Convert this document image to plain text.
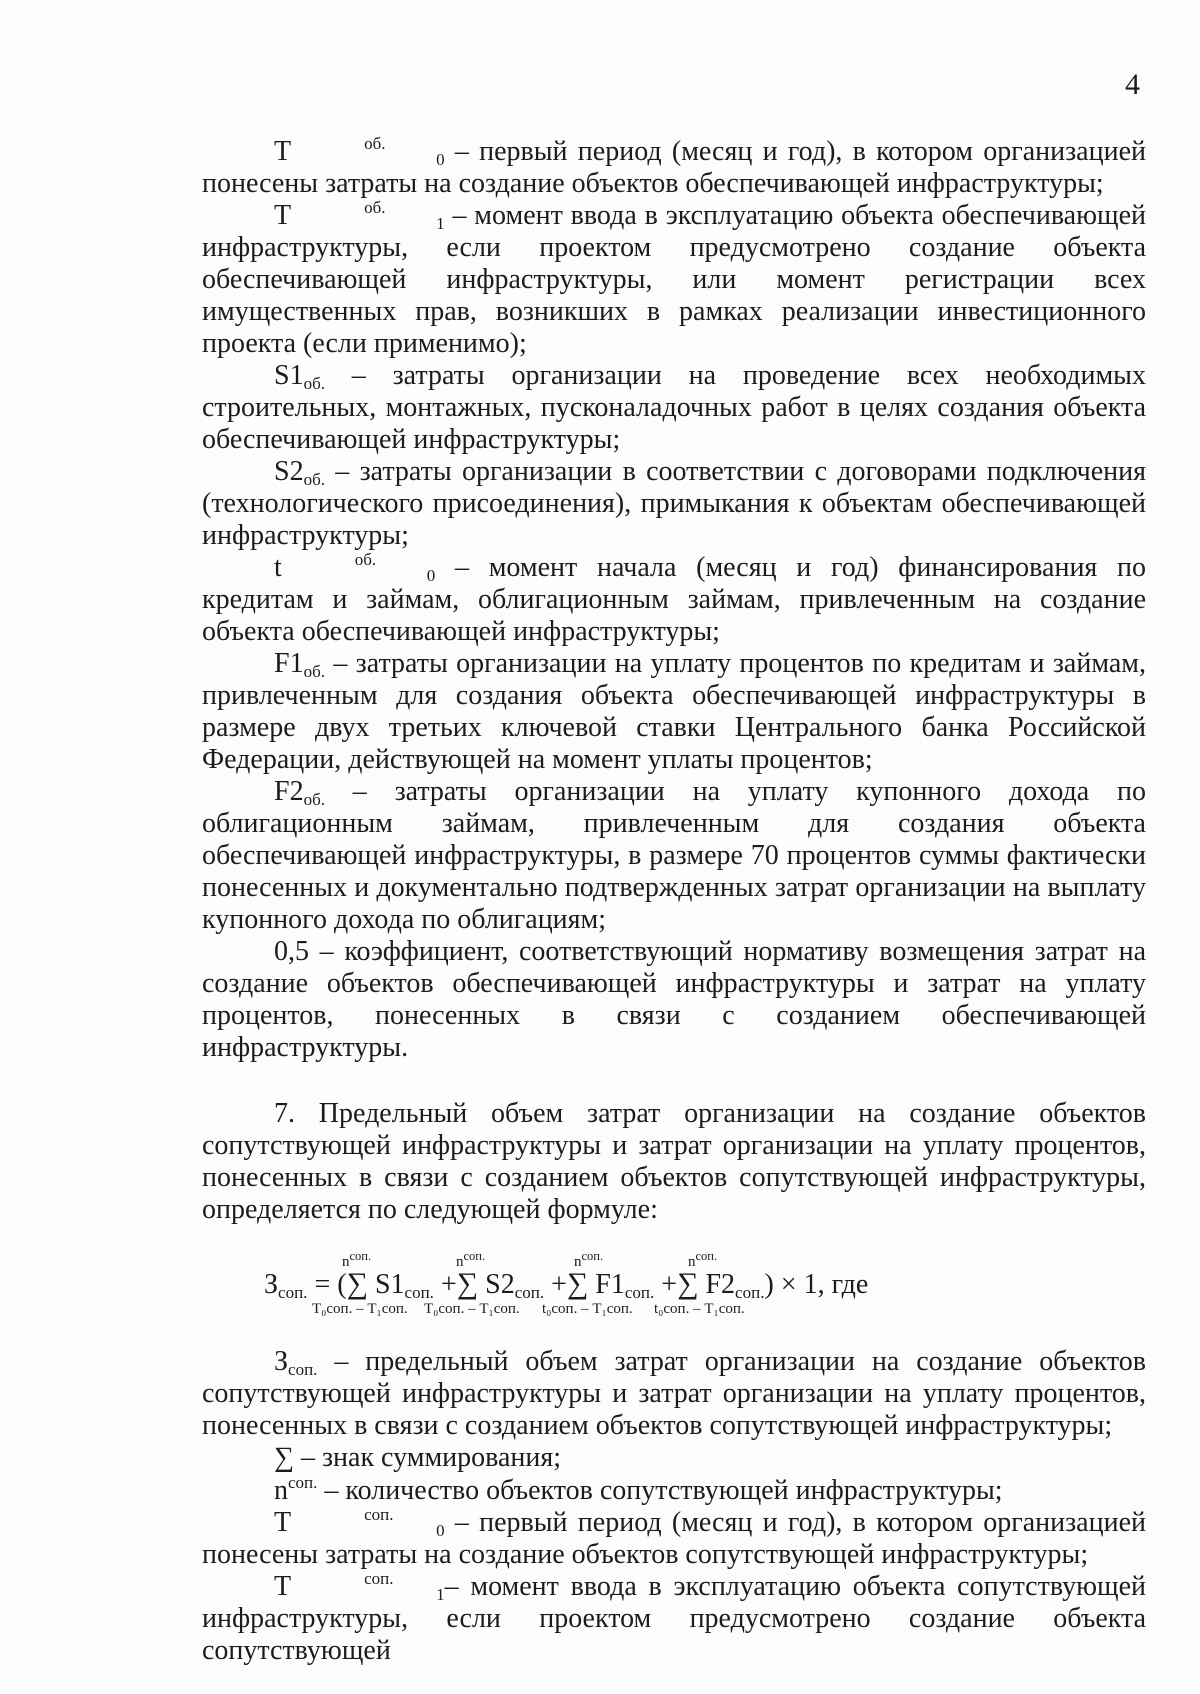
4

T	об.
0 – первый период (месяц и год), в котором организацией понесены затраты на создание объектов обеспечивающей инфраструктуры;

T	об.
1 – момент ввода в эксплуатацию объекта обеспечивающей инфраструктуры, если проектом предусмотрено создание объекта обеспечивающей инфраструктуры, или момент регистрации всех имущественных прав, возникших в рамках реализации инвестиционного проекта (если применимо);

$S1_{об.}$ – затраты организации на проведение всех необходимых строительных, монтажных, пусконаладочных работ в целях создания объекта обеспечивающей инфраструктуры;

$S2_{об.}$ – затраты организации в соответствии с договорами подключения (технологического присоединения), примыкания к объектам обеспечивающей инфраструктуры;

t	об.
0 – момент начала (месяц и год) финансирования по кредитам и займам, облигационным займам, привлеченным на создание объекта обеспечивающей инфраструктуры;

$F1_{об.}$ – затраты организации на уплату процентов по кредитам и займам, привлеченным для создания объекта обеспечивающей инфраструктуры в размере двух третьих ключевой ставки Центрального банка Российской Федерации, действующей на момент уплаты процентов;

$F2_{об.}$ – затраты организации на уплату купонного дохода по облигационным займам, привлеченным для создания объекта обеспечивающей инфраструктуры, в размере 70 процентов суммы фактически понесенных и документально подтвержденных затрат организации на выплату купонного дохода по облигациям;

0,5 – коэффициент, соответствующий нормативу возмещения затрат на создание объектов обеспечивающей инфраструктуры и затрат на уплату процентов, понесенных в связи с созданием обеспечивающей инфраструктуры.

7. Предельный объем затрат организации на создание объектов сопутствующей инфраструктуры и затрат организации на уплату процентов, понесенных в связи с созданием объектов сопутствующей инфраструктуры, определяется по следующей формуле:

$З_{соп.}$ = (∑ $S1_{соп.}$ +∑ $S2_{соп.}$ +∑ $F1_{соп.}$ +∑ $F2_{соп.}) \times 1$, где
$n^{соп.}$	$n^{соп.}$	$n^{соп.}$	$n^{соп.}$
T₀соп. – T₁соп. T₀соп. – T₁соп. t₀соп. – T₁соп. t₀соп. – T₁соп.

$З_{соп.}$ – предельный объем затрат организации на создание объектов сопутствующей инфраструктуры и затрат организации на уплату процентов, понесенных в связи с созданием объектов сопутствующей инфраструктуры;

∑ – знак суммирования;

$n^{соп.}$ – количество объектов сопутствующей инфраструктуры;

T	соп.
0 – первый период (месяц и год), в котором организацией понесены затраты на создание объектов сопутствующей инфраструктуры;

T	соп.
1– момент ввода в эксплуатацию объекта сопутствующей инфраструктуры, если проектом предусмотрено создание объекта сопутствующей
